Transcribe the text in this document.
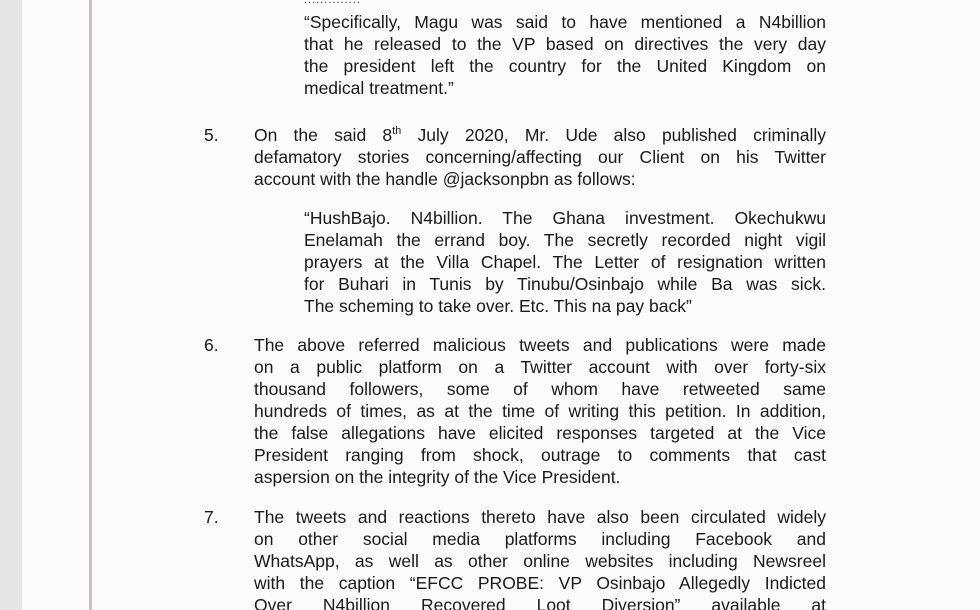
..............
“Specifically, Magu was said to have mentioned a N4billion
that he released to the VP based on directives the very day
the president left the country for the United Kingdom on
medical treatment.”
5. On the said 8th July 2020, Mr. Ude also published criminally
defamatory stories concerning/affecting our Client on his Twitter
account with the handle @jacksonpbn as follows:
“HushBajo. N4billion. The Ghana investment. Okechukwu
Enelamah the errand boy. The secretly recorded night vigil
prayers at the Villa Chapel. The Letter of resignation written
for Buhari in Tunis by Tinubu/Osinbajo while Ba was sick.
The scheming to take over. Etc. This na pay back”
6. The above referred malicious tweets and publications were made
on a public platform on a Twitter account with over forty-six
thousand followers, some of whom have retweeted same
hundreds of times, as at the time of writing this petition. In addition,
the false allegations have elicited responses targeted at the Vice
President ranging from shock, outrage to comments that cast
aspersion on the integrity of the Vice President.
7. The tweets and reactions thereto have also been circulated widely
on other social media platforms including Facebook and
WhatsApp, as well as other online websites including Newsreel
with the caption “EFCC PROBE: VP Osinbajo Allegedly Indicted
Over N4billion Recovered Loot Diversion” available at
